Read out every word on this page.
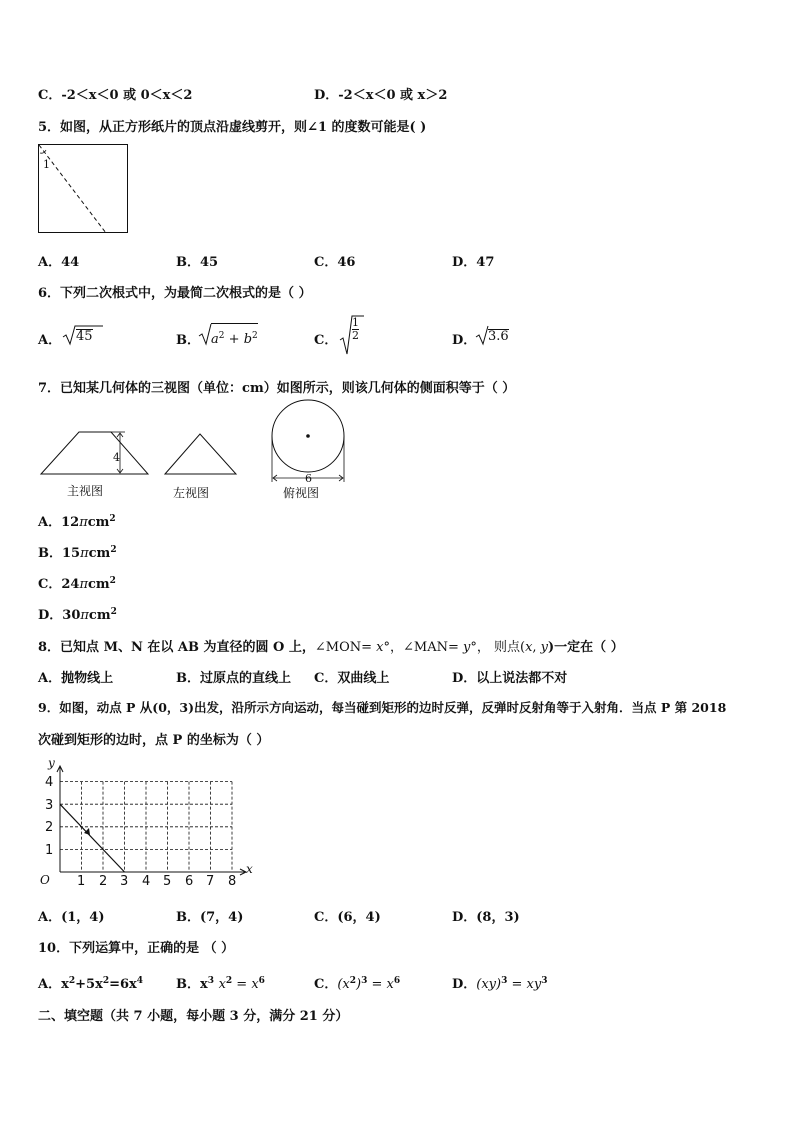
C．-2＜x＜0 或 0＜x＜2	D．-2＜x＜0 或 x＞2
5．如图，从正方形纸片的顶点沿虚线剪开，则∠1 的度数可能是( )
1
A．44	B．45	C．46	D．47
6．下列二次根式中，为最简二次根式的是（ ）
A． 45	B． $a^2 + b^2$	C． $\frac{1}{2}$	D． 3.6
7．已知某几何体的三视图（单位：cm）如图所示，则该几何体的侧面积等于（ ）
4
6
主视图	左视图	俯视图
A．12πcm$^2$
B．15πcm$^2$
C．24πcm$^2$
D．30πcm$^2$
8．已知点 M、N 在以 AB 为直径的圆 O 上，∠MON= x°，∠MAN= y°， 则点(x, y)一定在（ ）
A．抛物线上	B．过原点的直线上 C．双曲线上	D．以上说法都不对
9．如图，动点 P 从(0，3)出发，沿所示方向运动，每当碰到矩形的边时反弹，反弹时反射角等于入射角．当点 P 第 2018
次碰到矩形的边时，点 P 的坐标为（ ）
y
x
O
1
2
3
4
1 2 3 4 5 6 7 8
A．(1，4)	B．(7，4)	C．(6，4)	D．(8，3)
10．下列运算中，正确的是 （ ）
A．$x^2+5x^2=6x^4$	B．$x^3$ $x^2 = x^6$	C．$(x^2)^3 = x^6$	D．$(xy)^3 = xy^3$
二、填空题（共 7 小题，每小题 3 分，满分 21 分）
